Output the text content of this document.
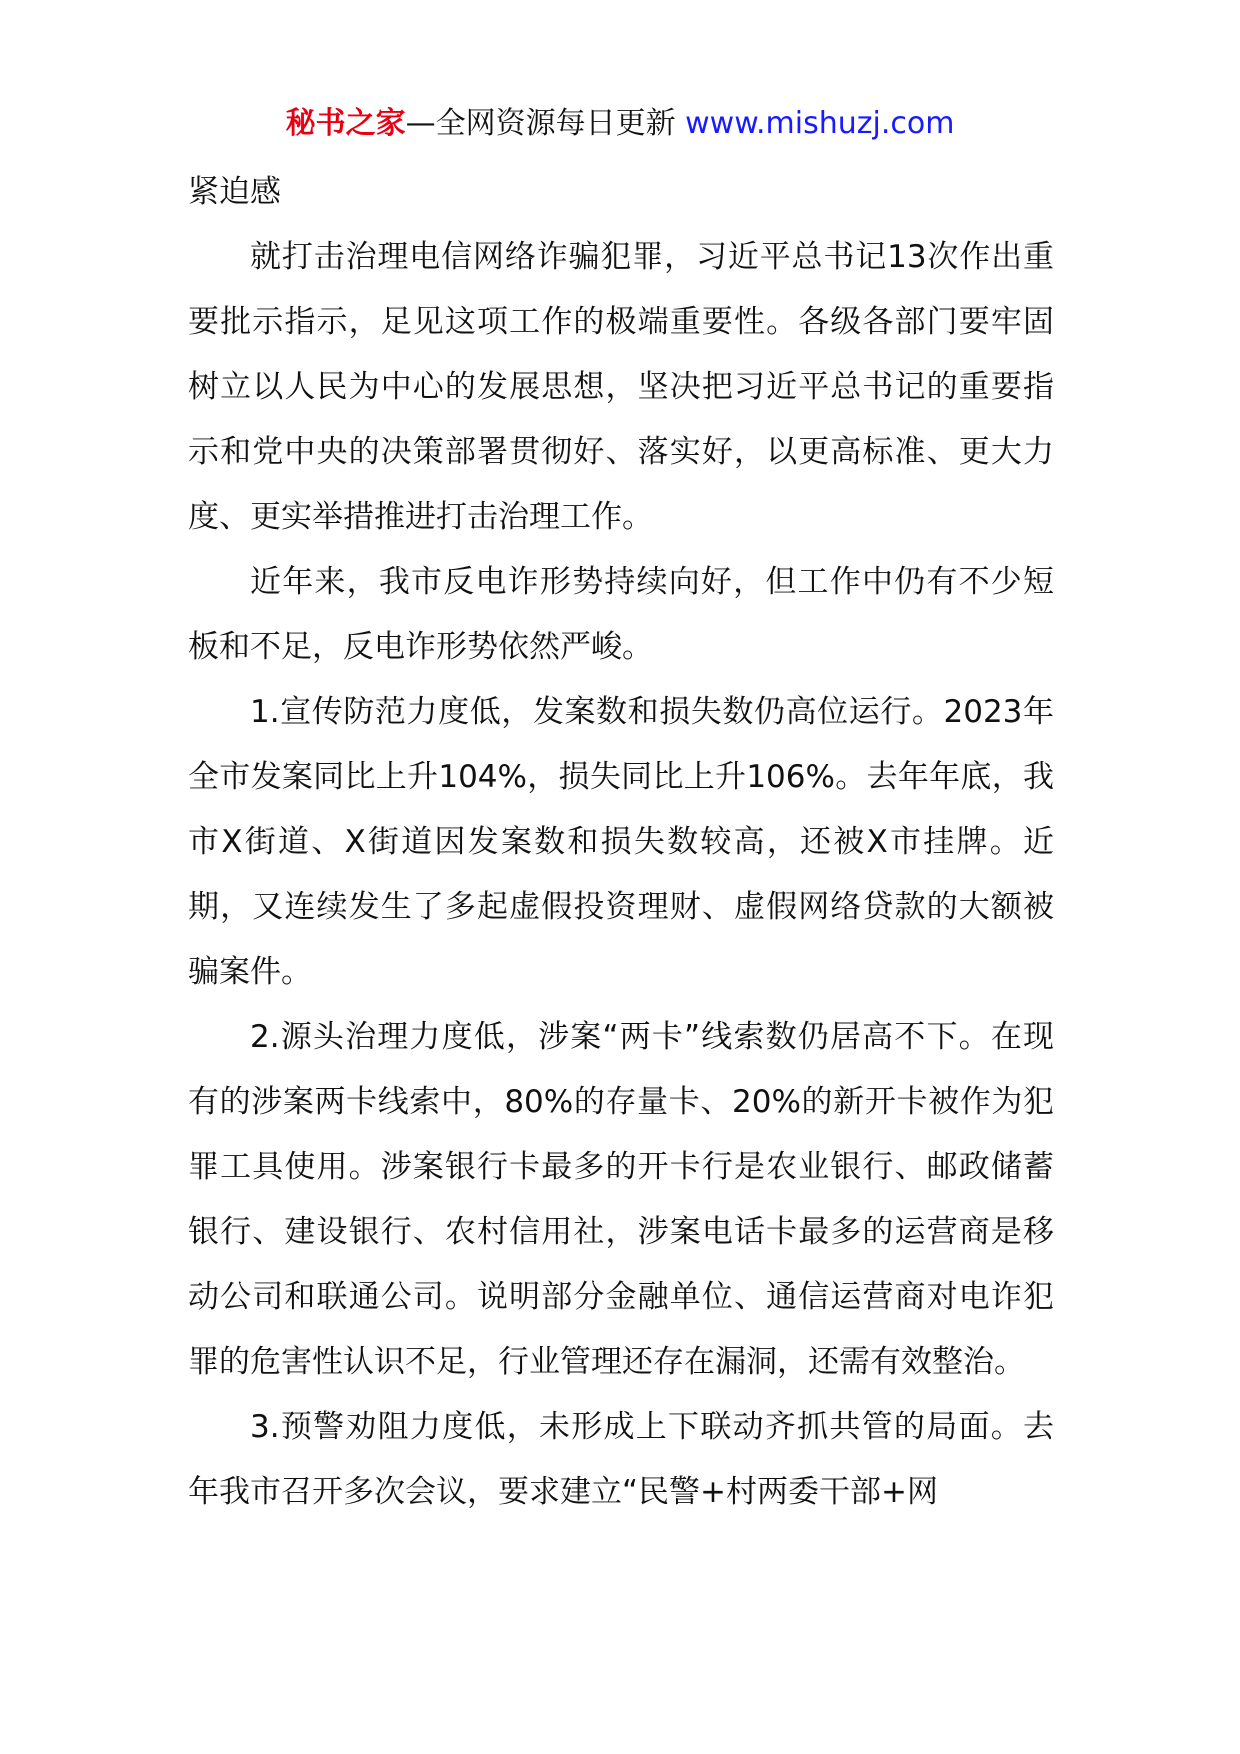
秘书之家—全网资源每日更新 www.mishuzj.com

紧迫感

就打击治理电信网络诈骗犯罪，习近平总书记13次作出重要批示指示，足见这项工作的极端重要性。各级各部门要牢固树立以人民为中心的发展思想，坚决把习近平总书记的重要指示和党中央的决策部署贯彻好、落实好，以更高标准、更大力度、更实举措推进打击治理工作。

近年来，我市反电诈形势持续向好，但工作中仍有不少短板和不足，反电诈形势依然严峻。

1.宣传防范力度低，发案数和损失数仍高位运行。2023年全市发案同比上升104%，损失同比上升106%。去年年底，我市X街道、X街道因发案数和损失数较高，还被X市挂牌。近期，又连续发生了多起虚假投资理财、虚假网络贷款的大额被骗案件。

2.源头治理力度低，涉案“两卡”线索数仍居高不下。在现有的涉案两卡线索中，80%的存量卡、20%的新开卡被作为犯罪工具使用。涉案银行卡最多的开卡行是农业银行、邮政储蓄银行、建设银行、农村信用社，涉案电话卡最多的运营商是移动公司和联通公司。说明部分金融单位、通信运营商对电诈犯罪的危害性认识不足，行业管理还存在漏洞，还需有效整治。

3.预警劝阻力度低，未形成上下联动齐抓共管的局面。去年我市召开多次会议，要求建立“民警+村两委干部+网
